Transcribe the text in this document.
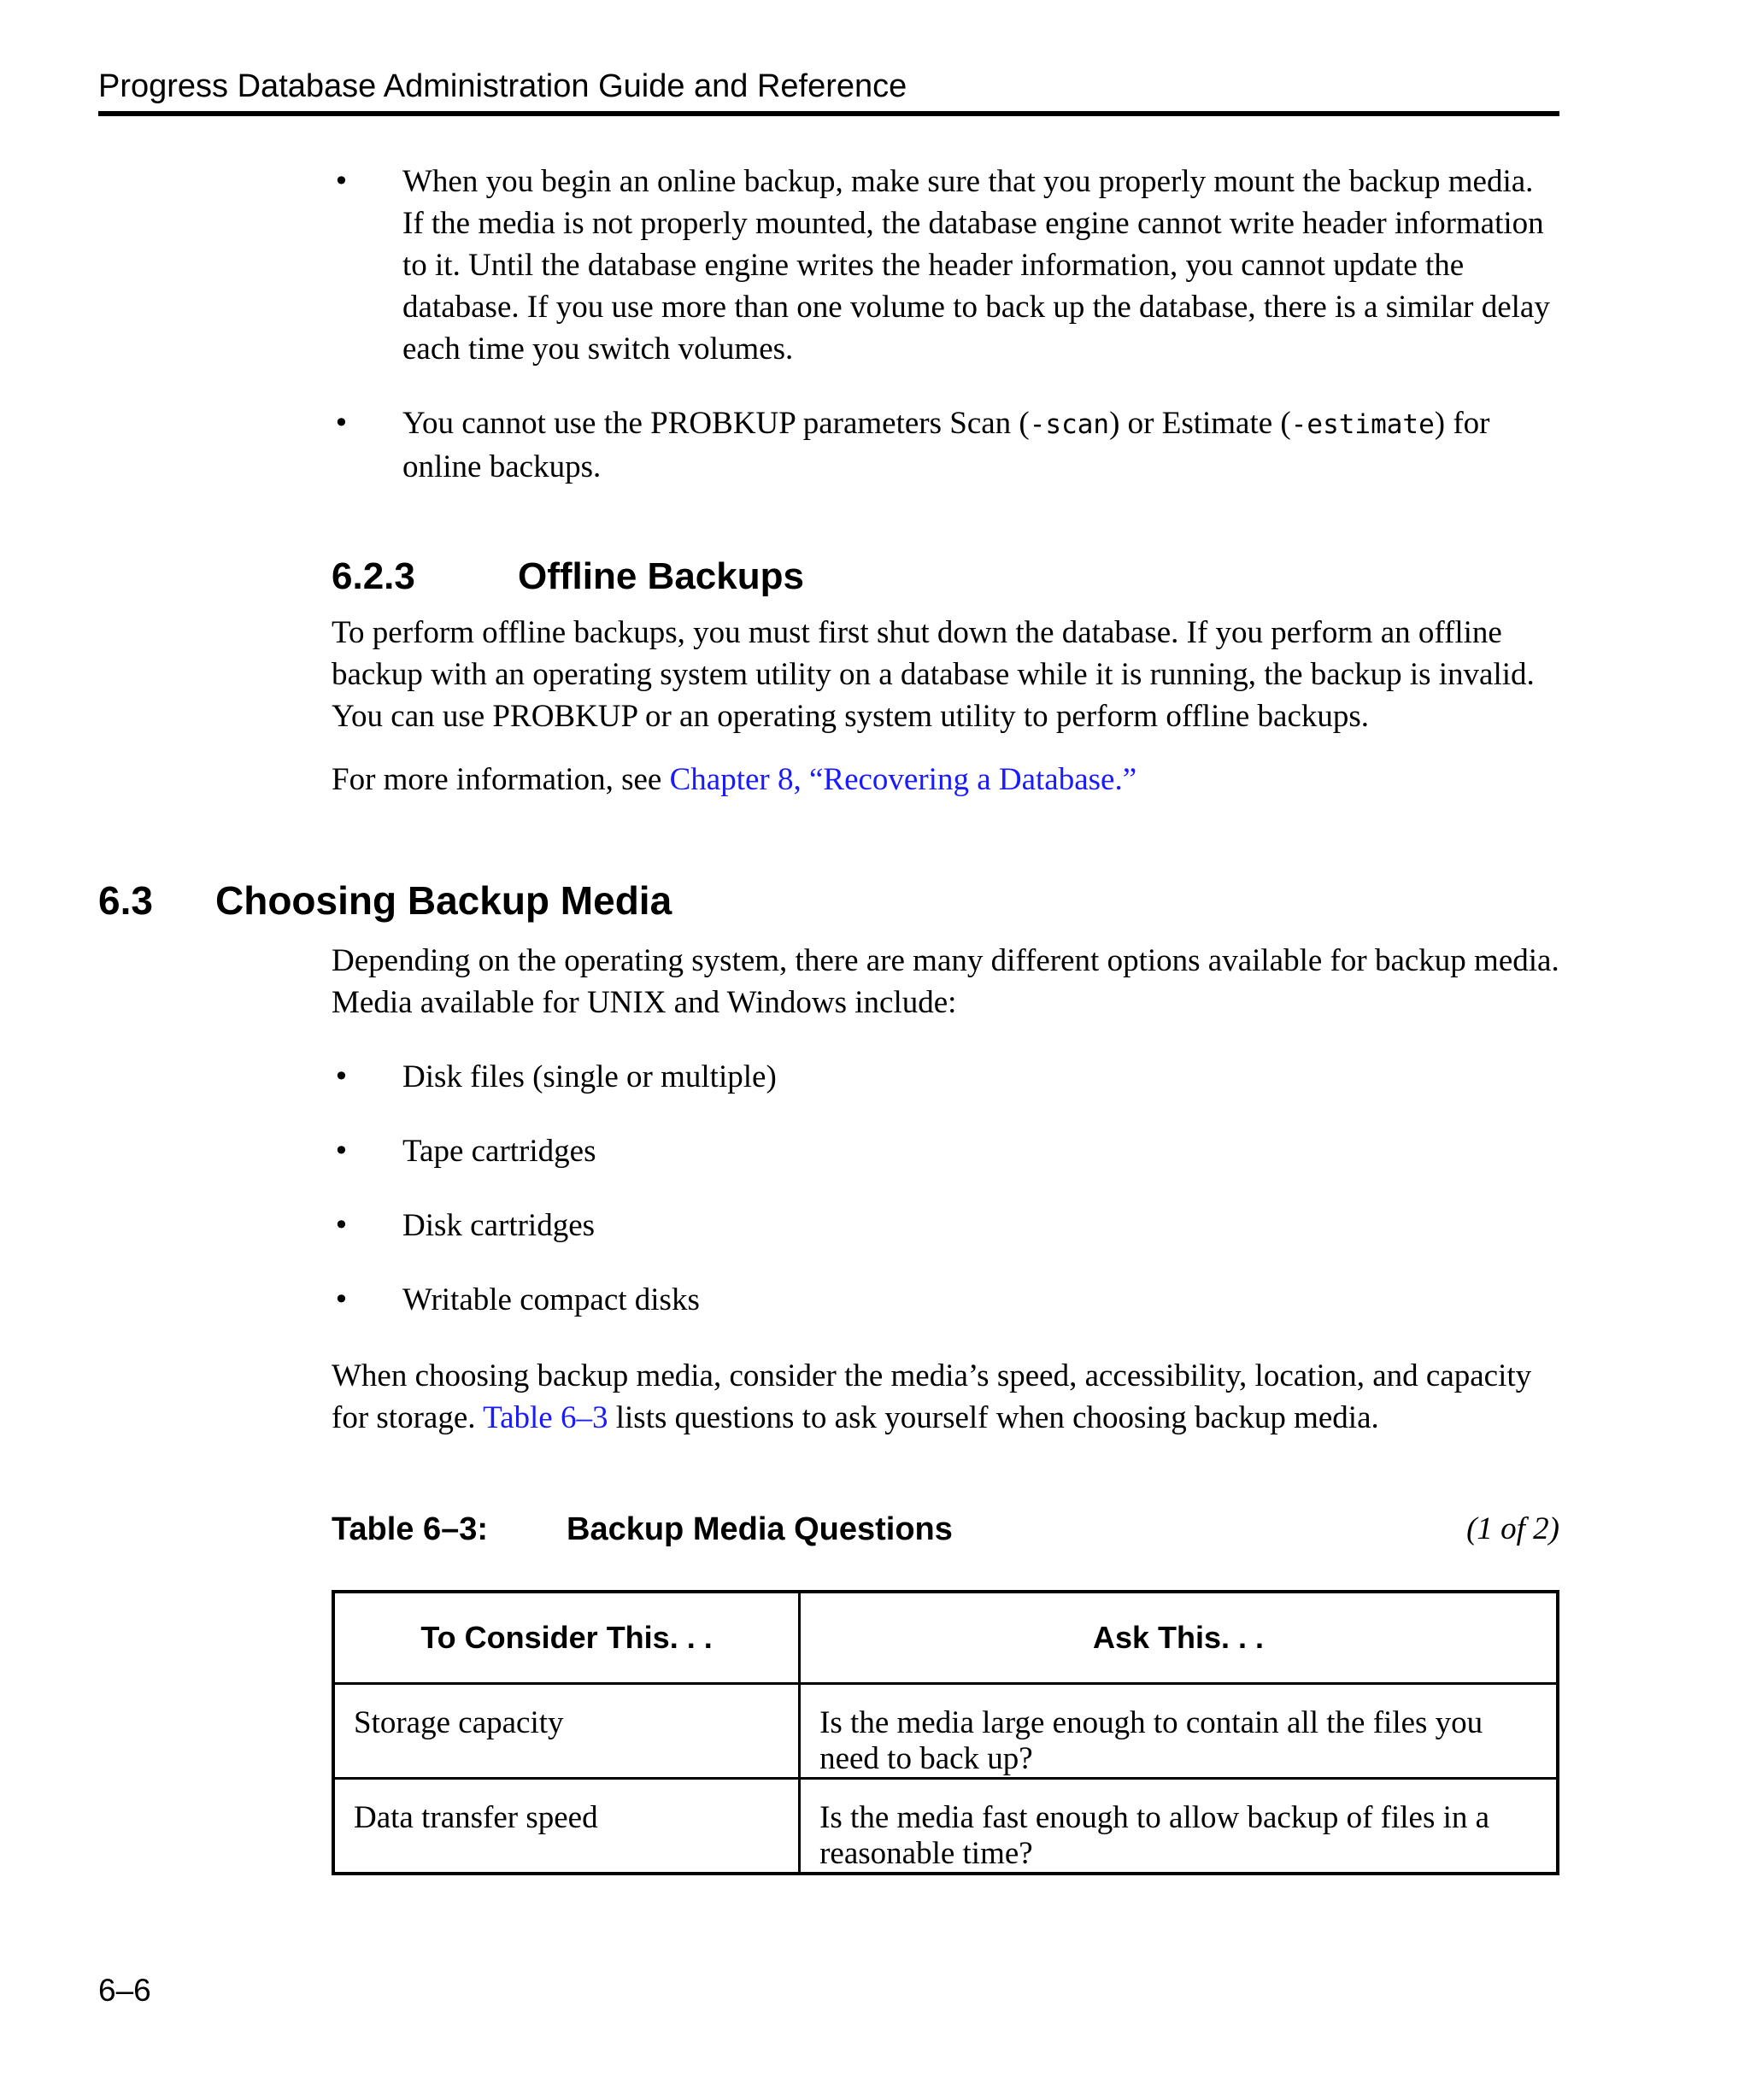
Progress Database Administration Guide and Reference
• When you begin an online backup, make sure that you properly mount the backup media. If the media is not properly mounted, the database engine cannot write header information to it. Until the database engine writes the header information, you cannot update the database. If you use more than one volume to back up the database, there is a similar delay each time you switch volumes.
• You cannot use the PROBKUP parameters Scan (-scan) or Estimate (-estimate) for online backups.
6.2.3	Offline Backups

To perform offline backups, you must first shut down the database. If you perform an offline backup with an operating system utility on a database while it is running, the backup is invalid. You can use PROBKUP or an operating system utility to perform offline backups.

For more information, see Chapter 8, “Recovering a Database.”

6.3 Choosing Backup Media

Depending on the operating system, there are many different options available for backup media. Media available for UNIX and Windows include:

• Disk files (single or multiple)
• Tape cartridges
• Disk cartridges
• Writable compact disks

When choosing backup media, consider the media’s speed, accessibility, location, and capacity for storage. Table 6–3 lists questions to ask yourself when choosing backup media.

Table 6–3: Backup Media Questions	(1 of 2)
To Consider This. . .	Ask This. . .
Storage capacity	Is the media large enough to contain all the files you need to back up?
Data transfer speed	Is the media fast enough to allow backup of files in a reasonable time?
6–6
